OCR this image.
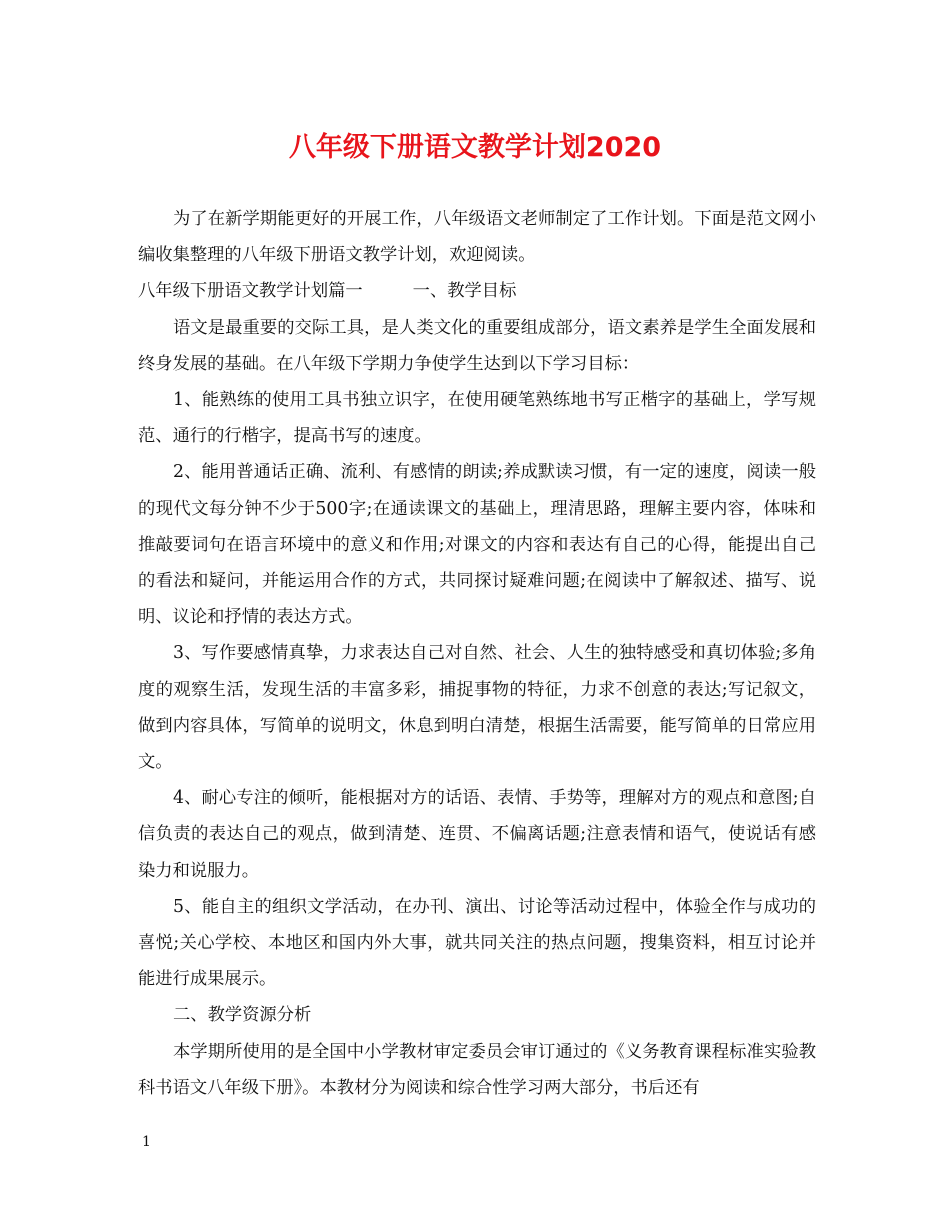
八年级下册语文教学计划2020

为了在新学期能更好的开展工作，八年级语文老师制定了工作计划。下面是范文网小编收集整理的八年级下册语文教学计划，欢迎阅读。

八年级下册语文教学计划篇一	一、教学目标

语文是最重要的交际工具，是人类文化的重要组成部分，语文素养是学生全面发展和终身发展的基础。在八年级下学期力争使学生达到以下学习目标：

1、能熟练的使用工具书独立识字，在使用硬笔熟练地书写正楷字的基础上，学写规范、通行的行楷字，提高书写的速度。

2、能用普通话正确、流利、有感情的朗读;养成默读习惯，有一定的速度，阅读一般的现代文每分钟不少于500字;在通读课文的基础上，理清思路，理解主要内容，体味和推敲要词句在语言环境中的意义和作用;对课文的内容和表达有自己的心得，能提出自己的看法和疑问，并能运用合作的方式，共同探讨疑难问题;在阅读中了解叙述、描写、说明、议论和抒情的表达方式。

3、写作要感情真挚，力求表达自己对自然、社会、人生的独特感受和真切体验;多角度的观察生活，发现生活的丰富多彩，捕捉事物的特征，力求不创意的表达;写记叙文，做到内容具体，写简单的说明文，休息到明白清楚，根据生活需要，能写简单的日常应用文。

4、耐心专注的倾听，能根据对方的话语、表情、手势等，理解对方的观点和意图;自信负责的表达自己的观点，做到清楚、连贯、不偏离话题;注意表情和语气，使说话有感染力和说服力。

5、能自主的组织文学活动，在办刊、演出、讨论等活动过程中，体验全作与成功的喜悦;关心学校、本地区和国内外大事，就共同关注的热点问题，搜集资料，相互讨论并能进行成果展示。

二、教学资源分析

本学期所使用的是全国中小学教材审定委员会审订通过的《义务教育课程标准实验教科书语文八年级下册》。本教材分为阅读和综合性学习两大部分，书后还有

1
